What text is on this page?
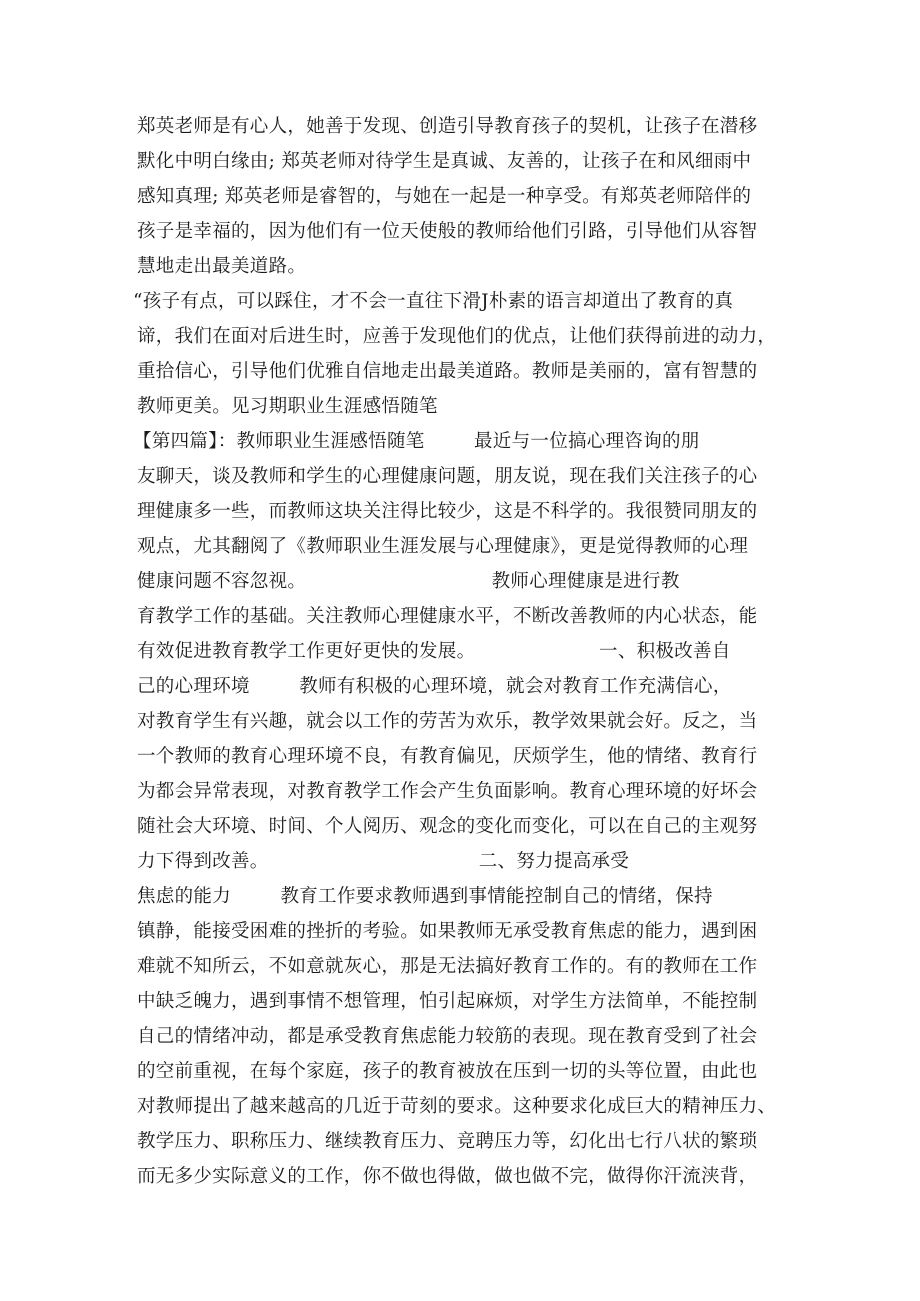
郑英老师是有心人，她善于发现、创造引导教育孩子的契机，让孩子在潜移
默化中明白缘由; 郑英老师对待学生是真诚、友善的，让孩子在和风细雨中
感知真理; 郑英老师是睿智的，与她在一起是一种享受。有郑英老师陪伴的
孩子是幸福的，因为他们有一位天使般的教师给他们引路，引导他们从容智
慧地走出最美道路。
“孩子有点，可以踩住，才不会一直往下滑J朴素的语言却道出了教育的真
谛，我们在面对后进生时，应善于发现他们的优点，让他们获得前进的动力，
重拾信心，引导他们优雅自信地走出最美道路。教师是美丽的，富有智慧的
教师更美。见习期职业生涯感悟随笔
【第四篇】：教师职业生涯感悟随笔        最近与一位搞心理咨询的朋
友聊天，谈及教师和学生的心理健康问题，朋友说，现在我们关注孩子的心
理健康多一些，而教师这块关注得比较少，这是不科学的。我很赞同朋友的
观点，尤其翻阅了《教师职业生涯发展与心理健康》，更是觉得教师的心理
健康问题不容忽视。                              教师心理健康是进行教
育教学工作的基础。关注教师心理健康水平，不断改善教师的内心状态，能
有效促进教育教学工作更好更快的发展。                    一、积极改善自
己的心理环境        教师有积极的心理环境，就会对教育工作充满信心，
对教育学生有兴趣，就会以工作的劳苦为欢乐，教学效果就会好。反之，当
一个教师的教育心理环境不良，有教育偏见，厌烦学生，他的情绪、教育行
为都会异常表现，对教育教学工作会产生负面影响。教育心理环境的好坏会
随社会大环境、时间、个人阅历、观念的变化而变化，可以在自己的主观努
力下得到改善。                                  二、努力提高承受
焦虑的能力        教育工作要求教师遇到事情能控制自己的情绪，保持
镇静，能接受困难的挫折的考验。如果教师无承受教育焦虑的能力，遇到困
难就不知所云，不如意就灰心，那是无法搞好教育工作的。有的教师在工作
中缺乏魄力，遇到事情不想管理，怕引起麻烦，对学生方法简单，不能控制
自己的情绪冲动，都是承受教育焦虑能力较筋的表现。现在教育受到了社会
的空前重视，在每个家庭，孩子的教育被放在压到一切的头等位置，由此也
对教师提出了越来越高的几近于苛刻的要求。这种要求化成巨大的精神压力、
教学压力、职称压力、继续教育压力、竞聘压力等，幻化出七行八状的繁琐
而无多少实际意义的工作，你不做也得做，做也做不完，做得你汗流浃背，
